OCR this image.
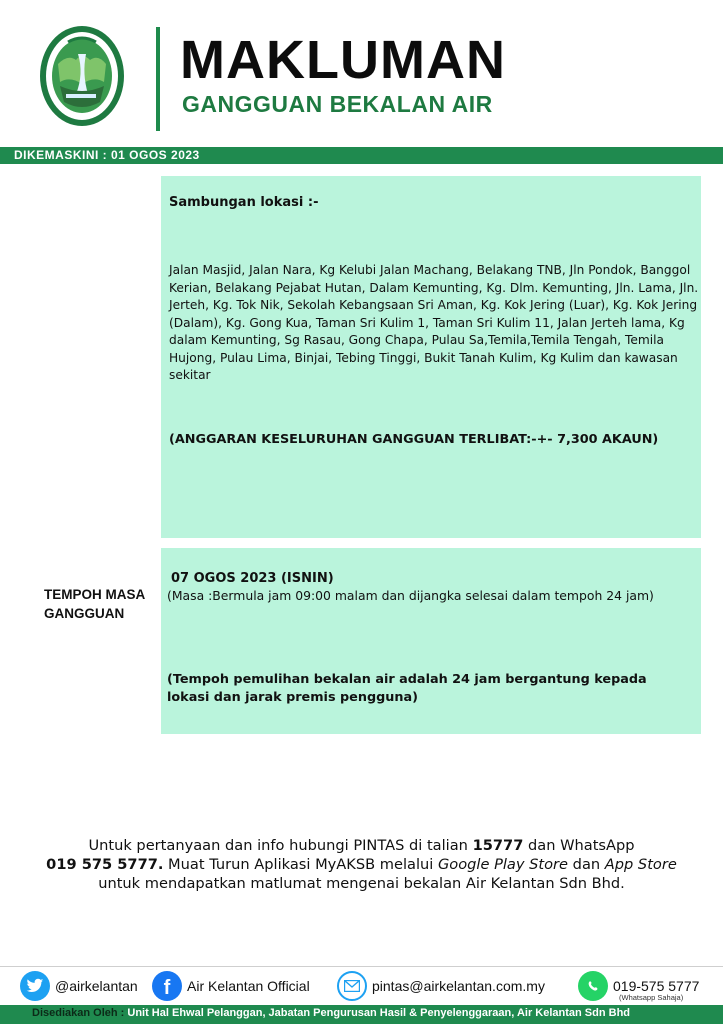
MAKLUMAN
GANGGUAN BEKALAN AIR
DIKEMASKINI : 01 OGOS 2023
Sambungan lokasi :-
Jalan Masjid, Jalan Nara, Kg Kelubi Jalan Machang, Belakang TNB, Jln Pondok, Banggol Kerian, Belakang Pejabat Hutan, Dalam Kemunting, Kg. Dlm. Kemunting, Jln. Lama, Jln. Jerteh, Kg. Tok Nik, Sekolah Kebangsaan Sri Aman, Kg. Kok Jering (Luar), Kg. Kok Jering (Dalam), Kg. Gong Kua, Taman Sri Kulim 1, Taman Sri Kulim 11, Jalan Jerteh lama, Kg dalam Kemunting, Sg Rasau, Gong Chapa, Pulau Sa,Temila,Temila Tengah, Temila Hujong, Pulau Lima, Binjai, Tebing Tinggi, Bukit Tanah Kulim, Kg Kulim dan kawasan sekitar
(ANGGARAN KESELURUHAN GANGGUAN TERLIBAT:-+- 7,300 AKAUN)
TEMPOH MASA GANGGUAN
07 OGOS 2023 (ISNIN)
(Masa :Bermula jam 09:00 malam dan dijangka selesai dalam tempoh 24 jam)
(Tempoh pemulihan bekalan air adalah 24 jam bergantung kepada lokasi dan jarak premis pengguna)
Untuk pertanyaan dan info hubungi PINTAS di talian 15777 dan WhatsApp
019 575 5777. Muat Turun Aplikasi MyAKSB melalui Google Play Store dan App Store
untuk mendapatkan matlumat mengenai bekalan Air Kelantan Sdn Bhd.
@airkelantan f Air Kelantan Official	pintas@airkelantan.com.my	019-575 5777
(Whatsapp Sahaja)
Disediakan Oleh : Unit Hal Ehwal Pelanggan, Jabatan Pengurusan Hasil & Penyelenggaraan, Air Kelantan Sdn Bhd
